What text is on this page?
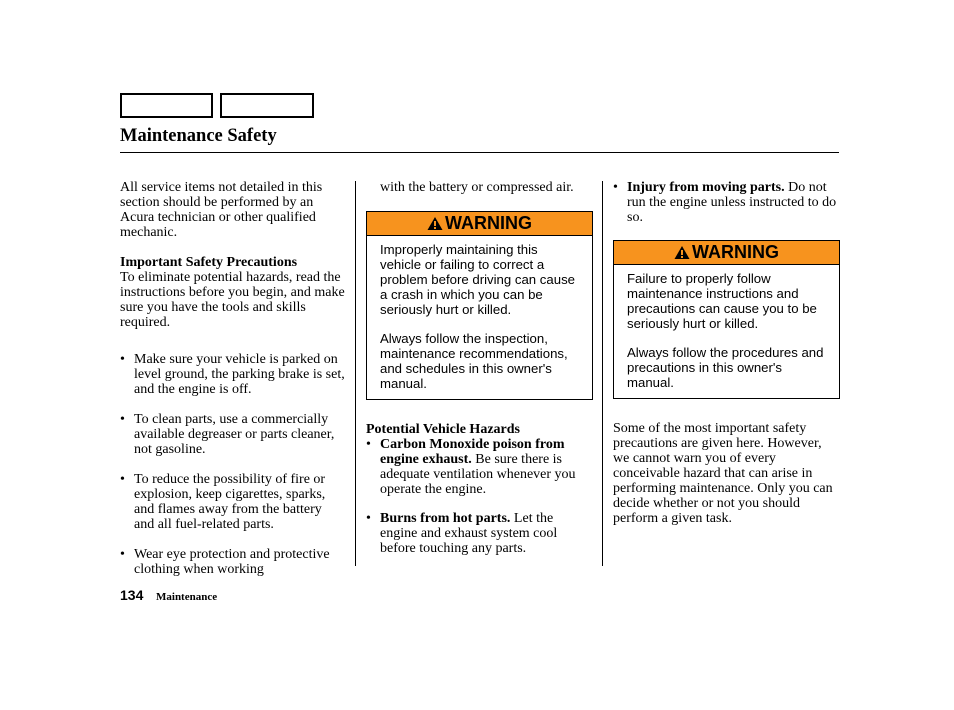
Maintenance Safety

All service items not detailed in this section should be performed by an Acura technician or other qualified mechanic.

Important Safety Precautions

To eliminate potential hazards, read the instructions before you begin, and make sure you have the tools and skills required.

• Make sure your vehicle is parked on level ground, the parking brake is set, and the engine is off.
• To clean parts, use a commercially available degreaser or parts cleaner, not gasoline.
• To reduce the possibility of fire or explosion, keep cigarettes, sparks, and flames away from the battery and all fuel-related parts.
• Wear eye protection and protective clothing when working

with the battery or compressed air.

WARNING

Improperly maintaining this vehicle or failing to correct a problem before driving can cause a crash in which you can be seriously hurt or killed.

Always follow the inspection, maintenance recommendations, and schedules in this owner's manual.

Potential Vehicle Hazards

• Carbon Monoxide poison from engine exhaust. Be sure there is adequate ventilation whenever you operate the engine.
• Burns from hot parts. Let the engine and exhaust system cool before touching any parts.
• Injury from moving parts. Do not run the engine unless instructed to do so.
WARNING

Failure to properly follow maintenance instructions and precautions can cause you to be seriously hurt or killed.

Always follow the procedures and precautions in this owner's manual.

Some of the most important safety precautions are given here. However, we cannot warn you of every conceivable hazard that can arise in performing maintenance. Only you can decide whether or not you should perform a given task.

134 Maintenance
